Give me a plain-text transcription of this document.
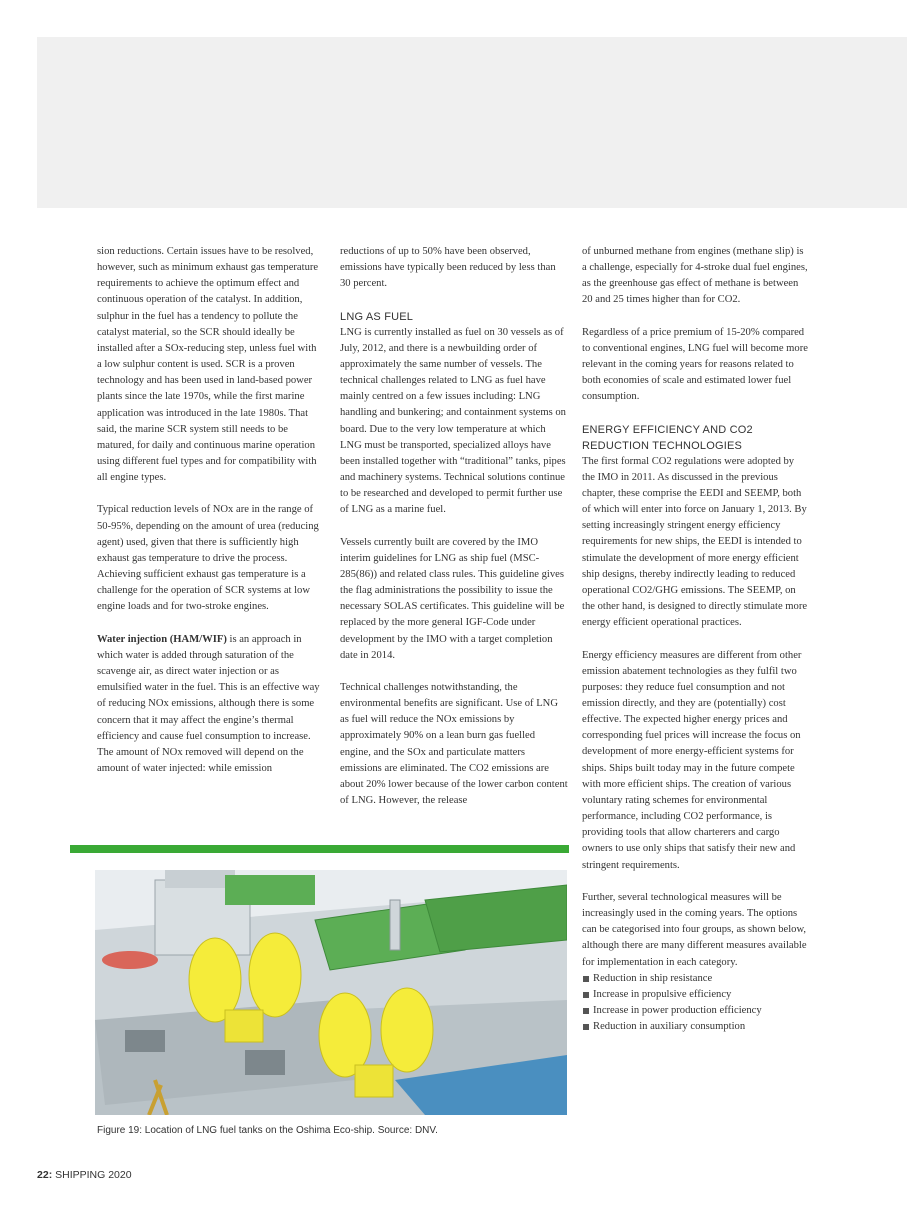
sion reductions. Certain issues have to be resolved, however, such as minimum exhaust gas temperature requirements to achieve the optimum effect and continuous operation of the catalyst. In addition, sulphur in the fuel has a tendency to pollute the catalyst material, so the SCR should ideally be installed after a SOx-reducing step, unless fuel with a low sulphur content is used. SCR is a proven technology and has been used in land-based power plants since the late 1970s, while the first marine application was introduced in the late 1980s. That said, the marine SCR system still needs to be matured, for daily and continuous marine operation using different fuel types and for compatibility with all engine types.

Typical reduction levels of NOx are in the range of 50-95%, depending on the amount of urea (reducing agent) used, given that there is sufficiently high exhaust gas temperature to drive the process. Achieving sufficient exhaust gas temperature is a challenge for the operation of SCR systems at low engine loads and for two-stroke engines.

Water injection (HAM/WIF) is an approach in which water is added through saturation of the scavenge air, as direct water injection or as emulsified water in the fuel. This is an effective way of reducing NOx emissions, although there is some concern that it may affect the engine’s thermal efficiency and cause fuel consumption to increase. The amount of NOx removed will depend on the amount of water injected: while emission

reductions of up to 50% have been observed, emissions have typically been reduced by less than 30 percent.

LNG AS FUEL

LNG is currently installed as fuel on 30 vessels as of July, 2012, and there is a newbuilding order of approximately the same number of vessels. The technical challenges related to LNG as fuel have mainly centred on a few issues including: LNG handling and bunkering; and containment systems on board. Due to the very low temperature at which LNG must be transported, specialized alloys have been installed together with “traditional” tanks, pipes and machinery systems. Technical solutions continue to be researched and developed to permit further use of LNG as a marine fuel.

Vessels currently built are covered by the IMO interim guidelines for LNG as ship fuel (MSC-285(86)) and related class rules. This guideline gives the flag administrations the possibility to issue the necessary SOLAS certificates. This guideline will be replaced by the more general IGF-Code under development by the IMO with a target completion date in 2014.

Technical challenges notwithstanding, the environmental benefits are significant. Use of LNG as fuel will reduce the NOx emissions by approximately 90% on a lean burn gas fuelled engine, and the SOx and particulate matters emissions are eliminated. The CO2 emissions are about 20% lower because of the lower carbon content of LNG. However, the release

of unburned methane from engines (methane slip) is a challenge, especially for 4-stroke dual fuel engines, as the greenhouse gas effect of methane is between 20 and 25 times higher than for CO2.

Regardless of a price premium of 15-20% compared to conventional engines, LNG fuel will become more relevant in the coming years for reasons related to both economies of scale and estimated lower fuel consumption.

ENERGY EFFICIENCY AND CO2 REDUCTION TECHNOLOGIES

The first formal CO2 regulations were adopted by the IMO in 2011. As discussed in the previous chapter, these comprise the EEDI and SEEMP, both of which will enter into force on January 1, 2013. By setting increasingly stringent energy efficiency requirements for new ships, the EEDI is intended to stimulate the development of more energy efficient ship designs, thereby indirectly leading to reduced operational CO2/GHG emissions. The SEEMP, on the other hand, is designed to directly stimulate more energy efficient operational practices.

Energy efficiency measures are different from other emission abatement technologies as they fulfil two purposes: they reduce fuel consumption and not emission directly, and they are (potentially) cost effective. The expected higher energy prices and corresponding fuel prices will increase the focus on development of more energy-efficient systems for ships. Ships built today may in the future compete with more efficient ships. The creation of various voluntary rating schemes for environmental performance, including CO2 performance, is providing tools that allow charterers and cargo owners to use only ships that satisfy their new and stringent requirements.

Further, several technological measures will be increasingly used in the coming years. The options can be categorised into four groups, as shown below, although there are many different measures available for implementation in each category.

Reduction in ship resistance
Increase in propulsive efficiency
Increase in power production efficiency
Reduction in auxiliary consumption
Figure 19: Location of LNG fuel tanks on the Oshima Eco-ship. Source: DNV.
22: SHIPPING 2020
